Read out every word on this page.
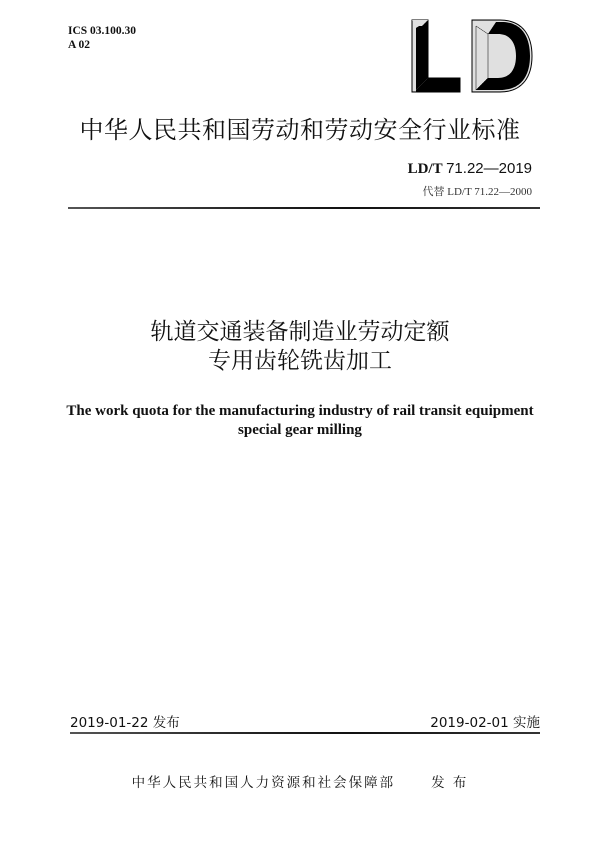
ICS 03.100.30
A 02
中华人民共和国劳动和劳动安全行业标准
LD/T 71.22—2019
代替 LD/T 71.22—2000
轨道交通装备制造业劳动定额
专用齿轮铣齿加工
The work quota for the manufacturing industry of rail transit equipment
special gear milling
2019-01-22 发布	2019-02-01 实施
中华人民共和国人力资源和社会保障部	发 布
